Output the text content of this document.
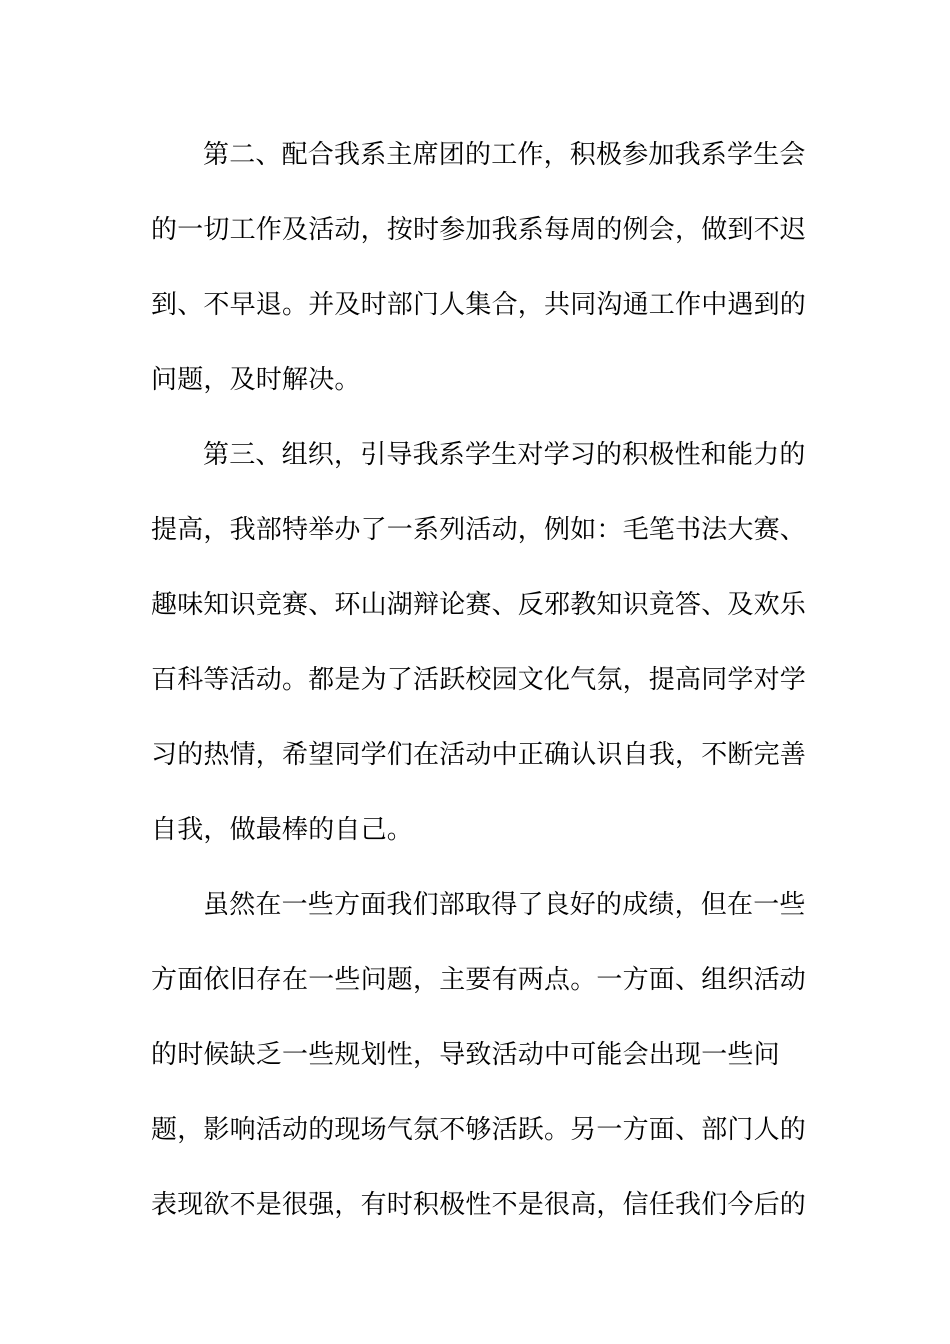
第二、配合我系主席团的工作，积极参加我系学生会
的一切工作及活动，按时参加我系每周的例会，做到不迟
到、不早退。并及时部门人集合，共同沟通工作中遇到的
问题，及时解决。
第三、组织，引导我系学生对学习的积极性和能力的
提高，我部特举办了一系列活动，例如：毛笔书法大赛、
趣味知识竞赛、环山湖辩论赛、反邪教知识竟答、及欢乐
百科等活动。都是为了活跃校园文化气氛，提高同学对学
习的热情，希望同学们在活动中正确认识自我，不断完善
自我，做最棒的自己。
虽然在一些方面我们部取得了良好的成绩，但在一些
方面依旧存在一些问题，主要有两点。一方面、组织活动
的时候缺乏一些规划性，导致活动中可能会出现一些问
题，影响活动的现场气氛不够活跃。另一方面、部门人的
表现欲不是很强，有时积极性不是很高，信任我们今后的
